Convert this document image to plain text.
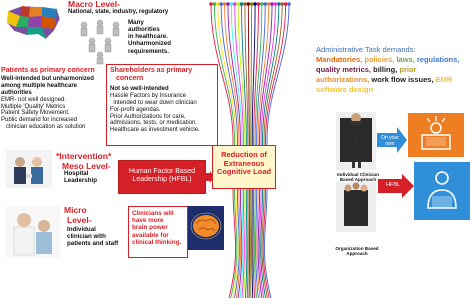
Macro Level-
National, state, industry, regulatory
Many
authorities
in healthcare.
Unharmonized
requirements.
Patients as primary concern
Well-intended but unharmonized
among multiple healthcare
authorities
EMR- not well designed.
Multiple 'Quality' Metrics
Patient Safety Movement.
Public demand for increased
clinician education as solution
Shareholders as primary
concern
Not so well-intended
Hassle Factors by Insurance
intended to wear down clinician
For-profit agendas.
Prior Authorizations for care,
admissions, tests, or medication.
Healthcare as investment vehicle.
*Intervention*
Meso Level-
Hospital
Leadership
Human Factor Based
Leadership (HFBL)
Reduction of
Extraneous
Cognitive Load
Micro
Level-
Individual
clinician with
patients and staff
Clinicians will
have more
brain power
available for
clinical thinking.
Administrative Task demands:
Mandatories, policies, laws, regulations, quality metrics, billing, prior authorizations, work flow issues, EMR software design
·	On your
own
Individual Clinician
Based Approach
HFBL
Organization Based
Approach
